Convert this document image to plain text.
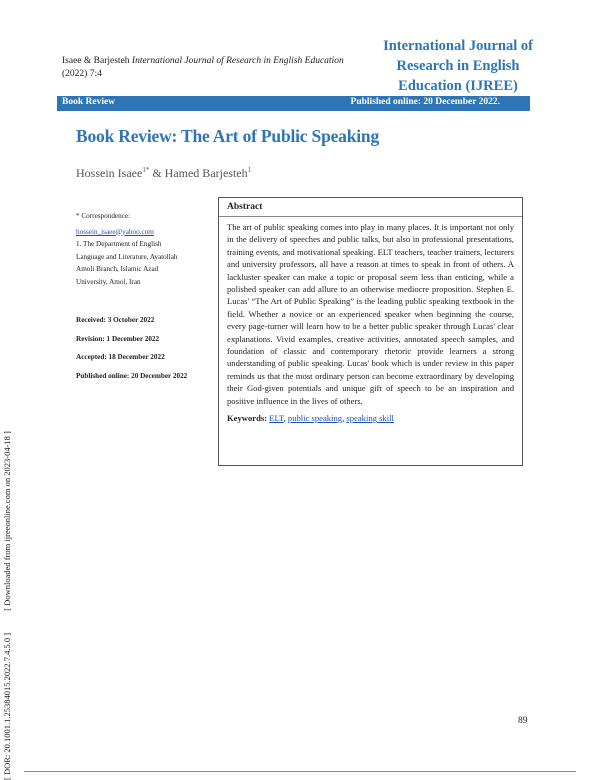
Isaee & Barjesteh International Journal of Research in English Education
(2022) 7:4
International Journal of
Research in English
Education (IJREE)
Book Review	Published online: 20 December 2022.
Book Review: The Art of Public Speaking
Hossein Isaee$^{1*}$ & Hamed Barjesteh$^1$
* Correspondence:
hossein_isaee@yahoo.com
1. The Department of English
Language and Literature, Ayatollah
Amoli Branch, Islamic Azad
University, Amol, Iran
Received: 3 October 2022
Revision: 1 December 2022
Accepted: 18 December 2022
Published online: 20 December 2022
Abstract
The art of public speaking comes into play in many places. It is important not only in the delivery of speeches and public talks, but also in professional presentations, training events, and motivational speaking. ELT teachers, teacher trainers, lecturers and university professors, all have a reason at times to speak in front of others. A lackluster speaker can make a topic or proposal seem less than enticing, while a polished speaker can add allure to an otherwise mediocre proposition. Stephen E. Lucas' “The Art of Public Speaking” is the leading public speaking textbook in the field. Whether a novice or an experienced speaker when beginning the course, every page-turner will learn how to be a better public speaker through Lucas' clear explanations. Vivid examples, creative activities, annotated speech samples, and foundation of classic and contemporary rhetoric provide learners a strong understanding of public speaking. Lucas' book which is under review in this paper reminds us that the most ordinary person can become extraordinary by developing their God-given potentials and unique gift of speech to be an inspiration and positive influence in the lives of others.
Keywords: ELT, public speaking, speaking skill
[ DOR: 20.1001.1.25384015.2022.7.4.5.0 ] [ Downloaded from ijreeonline.com on 2023-04-18 ]
89
